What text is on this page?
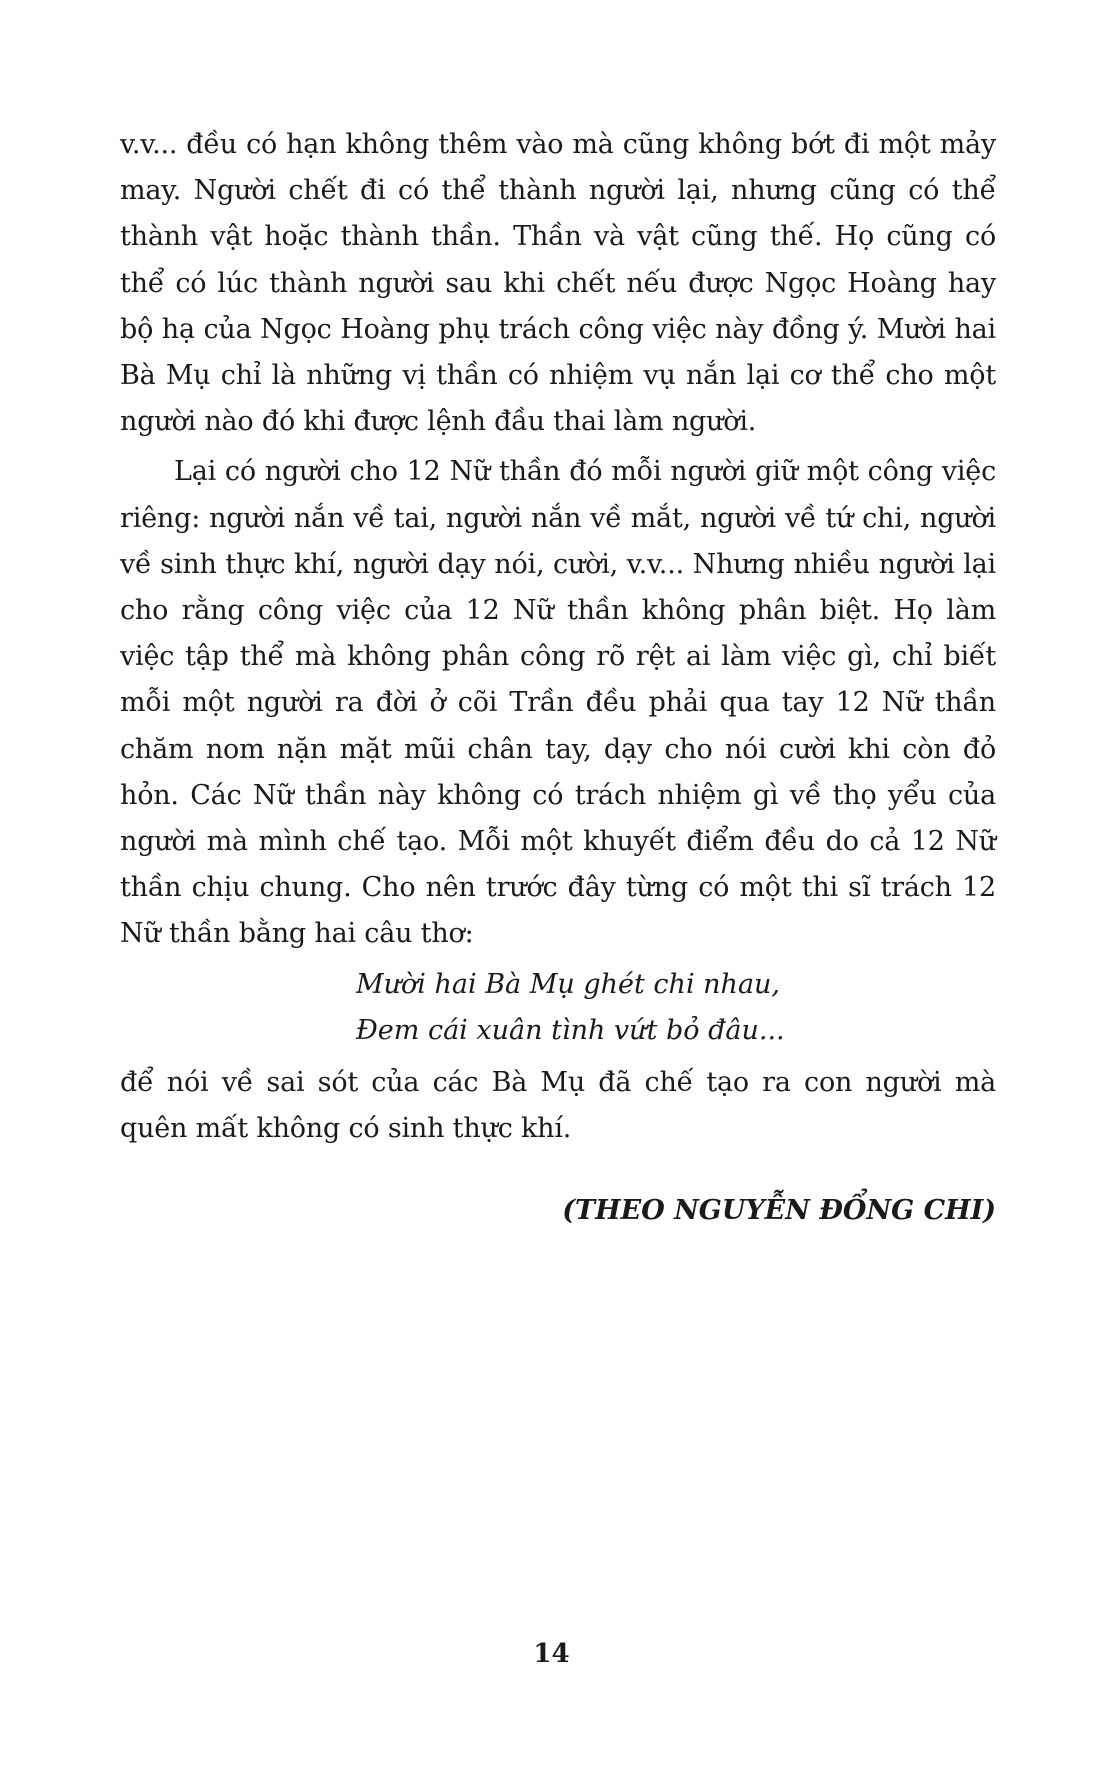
v.v... đều có hạn không thêm vào mà cũng không bớt đi một mảy may. Người chết đi có thể thành người lại, nhưng cũng có thể thành vật hoặc thành thần. Thần và vật cũng thế. Họ cũng có thể có lúc thành người sau khi chết nếu được Ngọc Hoàng hay bộ hạ của Ngọc Hoàng phụ trách công việc này đồng ý. Mười hai Bà Mụ chỉ là những vị thần có nhiệm vụ nắn lại cơ thể cho một người nào đó khi được lệnh đầu thai làm người.

Lại có người cho 12 Nữ thần đó mỗi người giữ một công việc riêng: người nắn về tai, người nắn về mắt, người về tứ chi, người về sinh thực khí, người dạy nói, cười, v.v... Nhưng nhiều người lại cho rằng công việc của 12 Nữ thần không phân biệt. Họ làm việc tập thể mà không phân công rõ rệt ai làm việc gì, chỉ biết mỗi một người ra đời ở cõi Trần đều phải qua tay 12 Nữ thần chăm nom nặn mặt mũi chân tay, dạy cho nói cười khi còn đỏ hỏn. Các Nữ thần này không có trách nhiệm gì về thọ yểu của người mà mình chế tạo. Mỗi một khuyết điểm đều do cả 12 Nữ thần chịu chung. Cho nên trước đây từng có một thi sĩ trách 12 Nữ thần bằng hai câu thơ:

Mười hai Bà Mụ ghét chi nhau,
Đem cái xuân tình vứt bỏ đâu...

để nói về sai sót của các Bà Mụ đã chế tạo ra con người mà quên mất không có sinh thực khí.

(THEO NGUYỄN ĐỔNG CHI)
14
